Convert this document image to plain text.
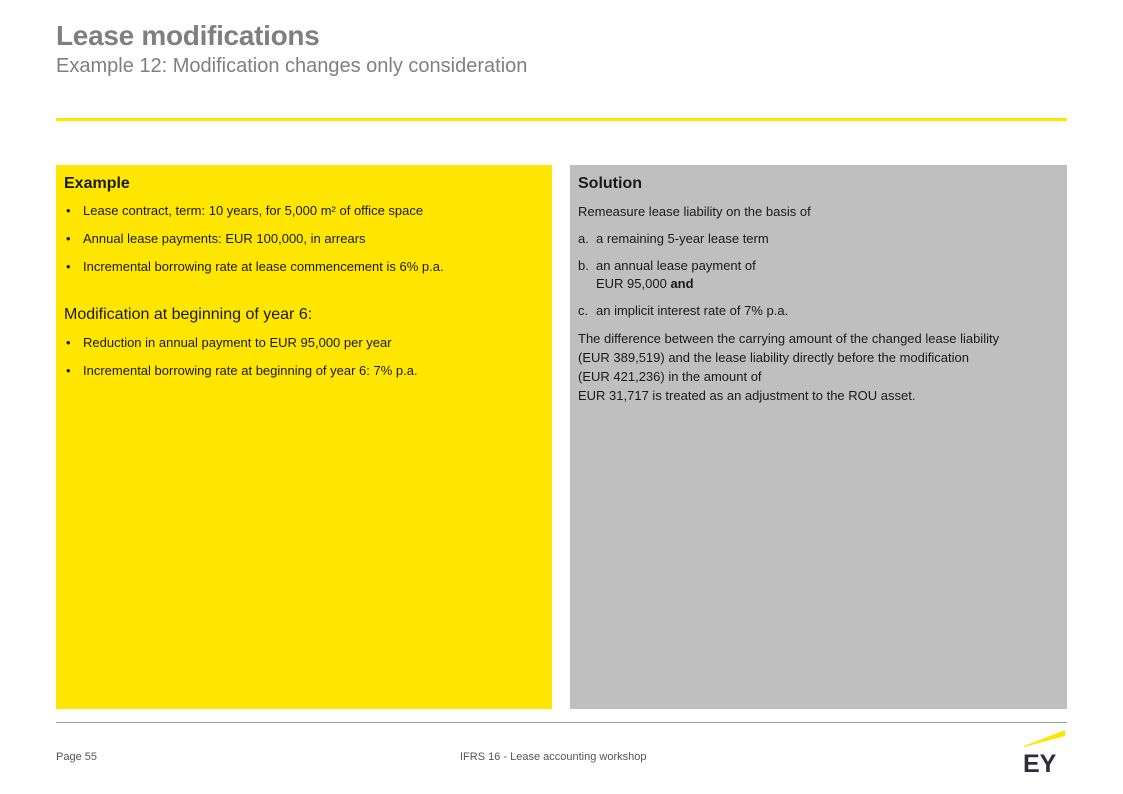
Lease modifications
Example 12: Modification changes only consideration
Example
• Lease contract, term: 10 years, for 5,000 m² of office space
• Annual lease payments: EUR 100,000, in arrears
• Incremental borrowing rate at lease commencement is 6% p.a.
Modification at beginning of year 6:
• Reduction in annual payment to EUR 95,000 per year
• Incremental borrowing rate at beginning of year 6: 7% p.a.
Solution

Remeasure lease liability on the basis of

a. a remaining 5-year lease term
b. an annual lease payment of
EUR 95,000 and
c. an implicit interest rate of 7% p.a.

The difference between the carrying amount of the changed lease liability
(EUR 389,519) and the lease liability directly before the modification
(EUR 421,236) in the amount of
EUR 31,717 is treated as an adjustment to the ROU asset.

Page 55	IFRS 16 - Lease accounting workshop	EY
